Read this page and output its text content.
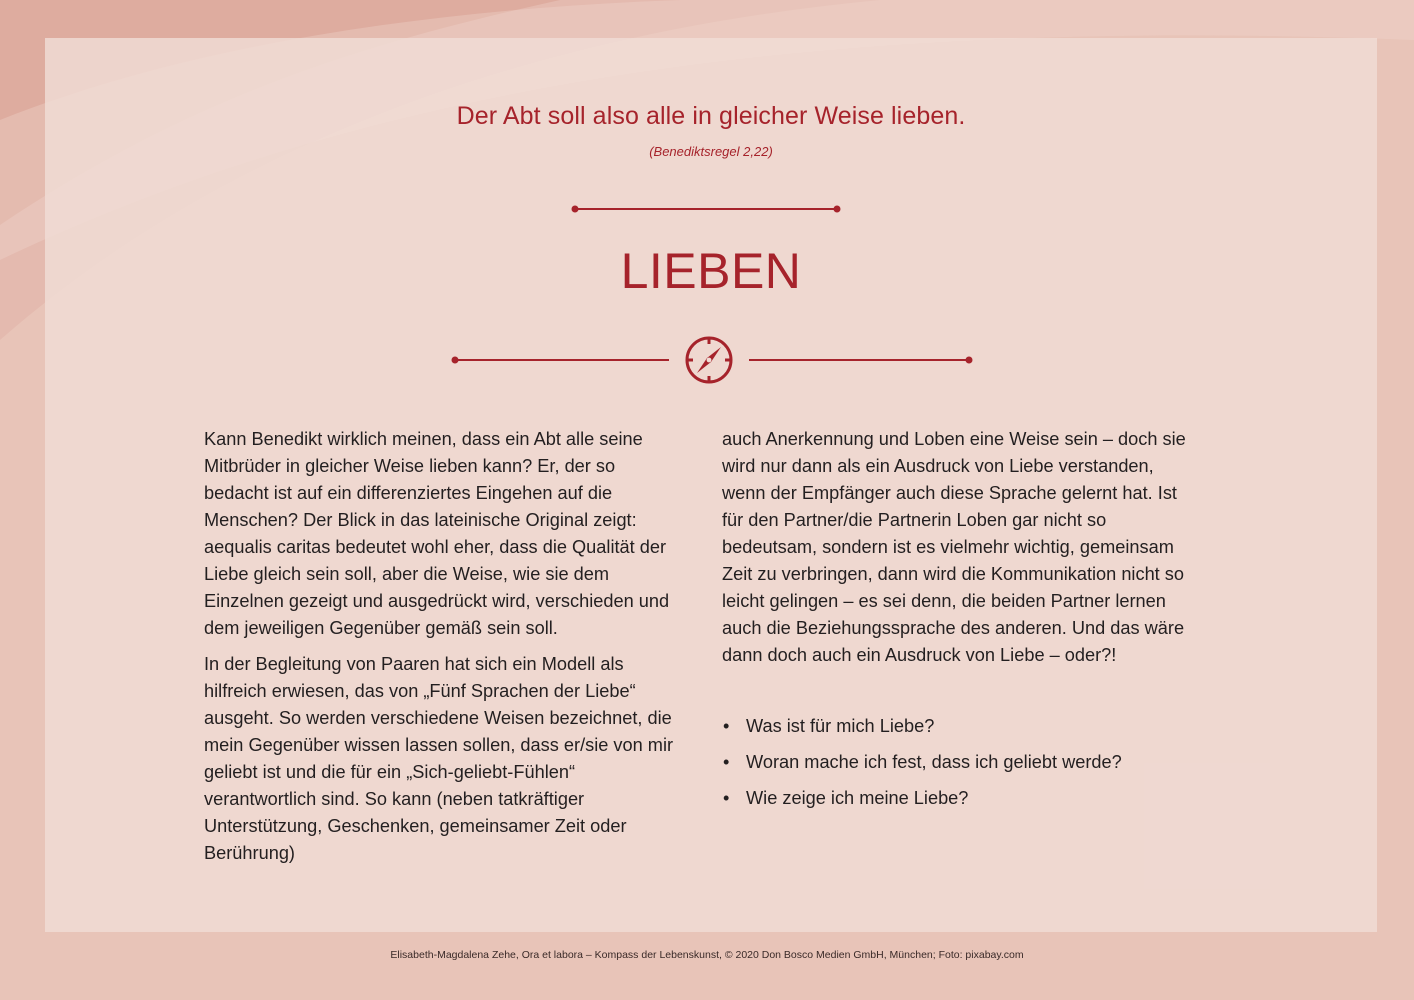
Der Abt soll also alle in gleicher Weise lieben.
(Benediktsregel 2,22)
LIEBEN

Kann Benedikt wirklich meinen, dass ein Abt alle seine Mitbrüder in gleicher Weise lieben kann? Er, der so bedacht ist auf ein differenziertes Eingehen auf die Menschen? Der Blick in das lateinische Original zeigt: aequalis caritas bedeutet wohl eher, dass die Qualität der Liebe gleich sein soll, aber die Weise, wie sie dem Einzelnen gezeigt und ausgedrückt wird, verschieden und dem jeweiligen Gegenüber gemäß sein soll.

In der Begleitung von Paaren hat sich ein Modell als hilfreich erwiesen, das von „Fünf Sprachen der Liebe“ ausgeht. So werden verschiedene Weisen bezeichnet, die mein Gegenüber wissen lassen sollen, dass er/sie von mir geliebt ist und die für ein „Sich-geliebt-Fühlen“ verantwortlich sind. So kann (neben tatkräftiger Unterstützung, Geschenken, gemeinsamer Zeit oder Berührung)

auch Anerkennung und Loben eine Weise sein – doch sie wird nur dann als ein Ausdruck von Liebe verstanden, wenn der Empfänger auch diese Sprache gelernt hat. Ist für den Partner/die Partnerin Loben gar nicht so bedeutsam, sondern ist es vielmehr wichtig, gemeinsam Zeit zu verbringen, dann wird die Kommunikation nicht so leicht gelingen – es sei denn, die beiden Partner lernen auch die Beziehungssprache des anderen. Und das wäre dann doch auch ein Ausdruck von Liebe – oder?!

• Was ist für mich Liebe?
• Woran mache ich fest, dass ich geliebt werde?
• Wie zeige ich meine Liebe?
Elisabeth-Magdalena Zehe, Ora et labora – Kompass der Lebenskunst, © 2020 Don Bosco Medien GmbH, München; Foto: pixabay.com
